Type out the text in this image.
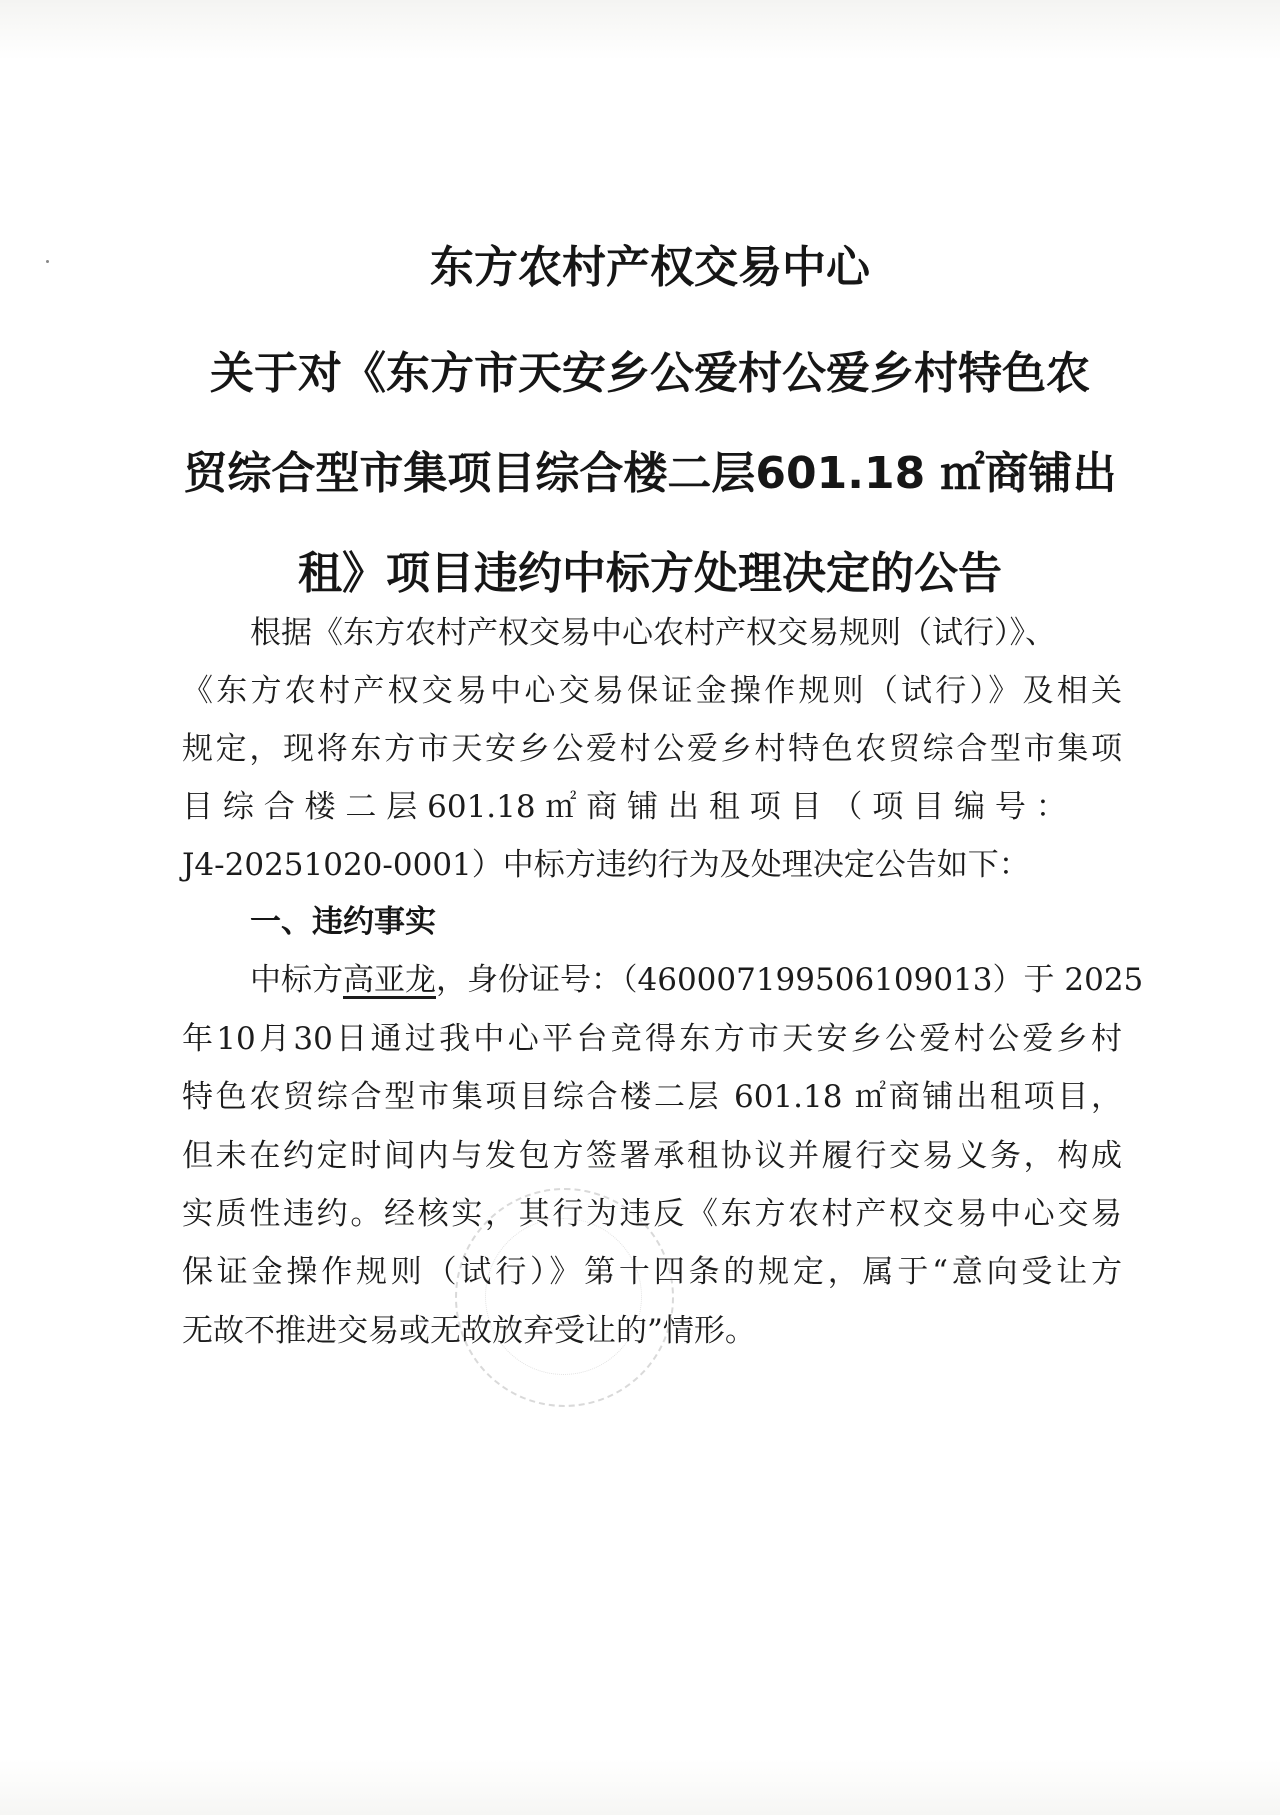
东方农村产权交易中心
关于对《东方市天安乡公爱村公爱乡村特色农
贸综合型市集项目综合楼二层601.18 ㎡商铺出
租》项目违约中标方处理决定的公告
根据《东方农村产权交易中心农村产权交易规则（试行）》、
《东方农村产权交易中心交易保证金操作规则（试行）》及相关
规定，现将东方市天安乡公爱村公爱乡村特色农贸综合型市集项
目 综 合 楼 二 层 601.18 ㎡ 商 铺 出 租 项 目 （ 项 目 编 号 ：
J4-20251020-0001）中标方违约行为及处理决定公告如下：
一、违约事实
中标方高亚龙，身份证号：（460007199506109013）于 2025
年10月30日通过我中心平台竞得东方市天安乡公爱村公爱乡村
特色农贸综合型市集项目综合楼二层 601.18 ㎡商铺出租项目，
但未在约定时间内与发包方签署承租协议并履行交易义务，构成
实质性违约。经核实，其行为违反《东方农村产权交易中心交易
保证金操作规则（试行）》第十四条的规定，属于“意向受让方
无故不推进交易或无故放弃受让的”情形。
